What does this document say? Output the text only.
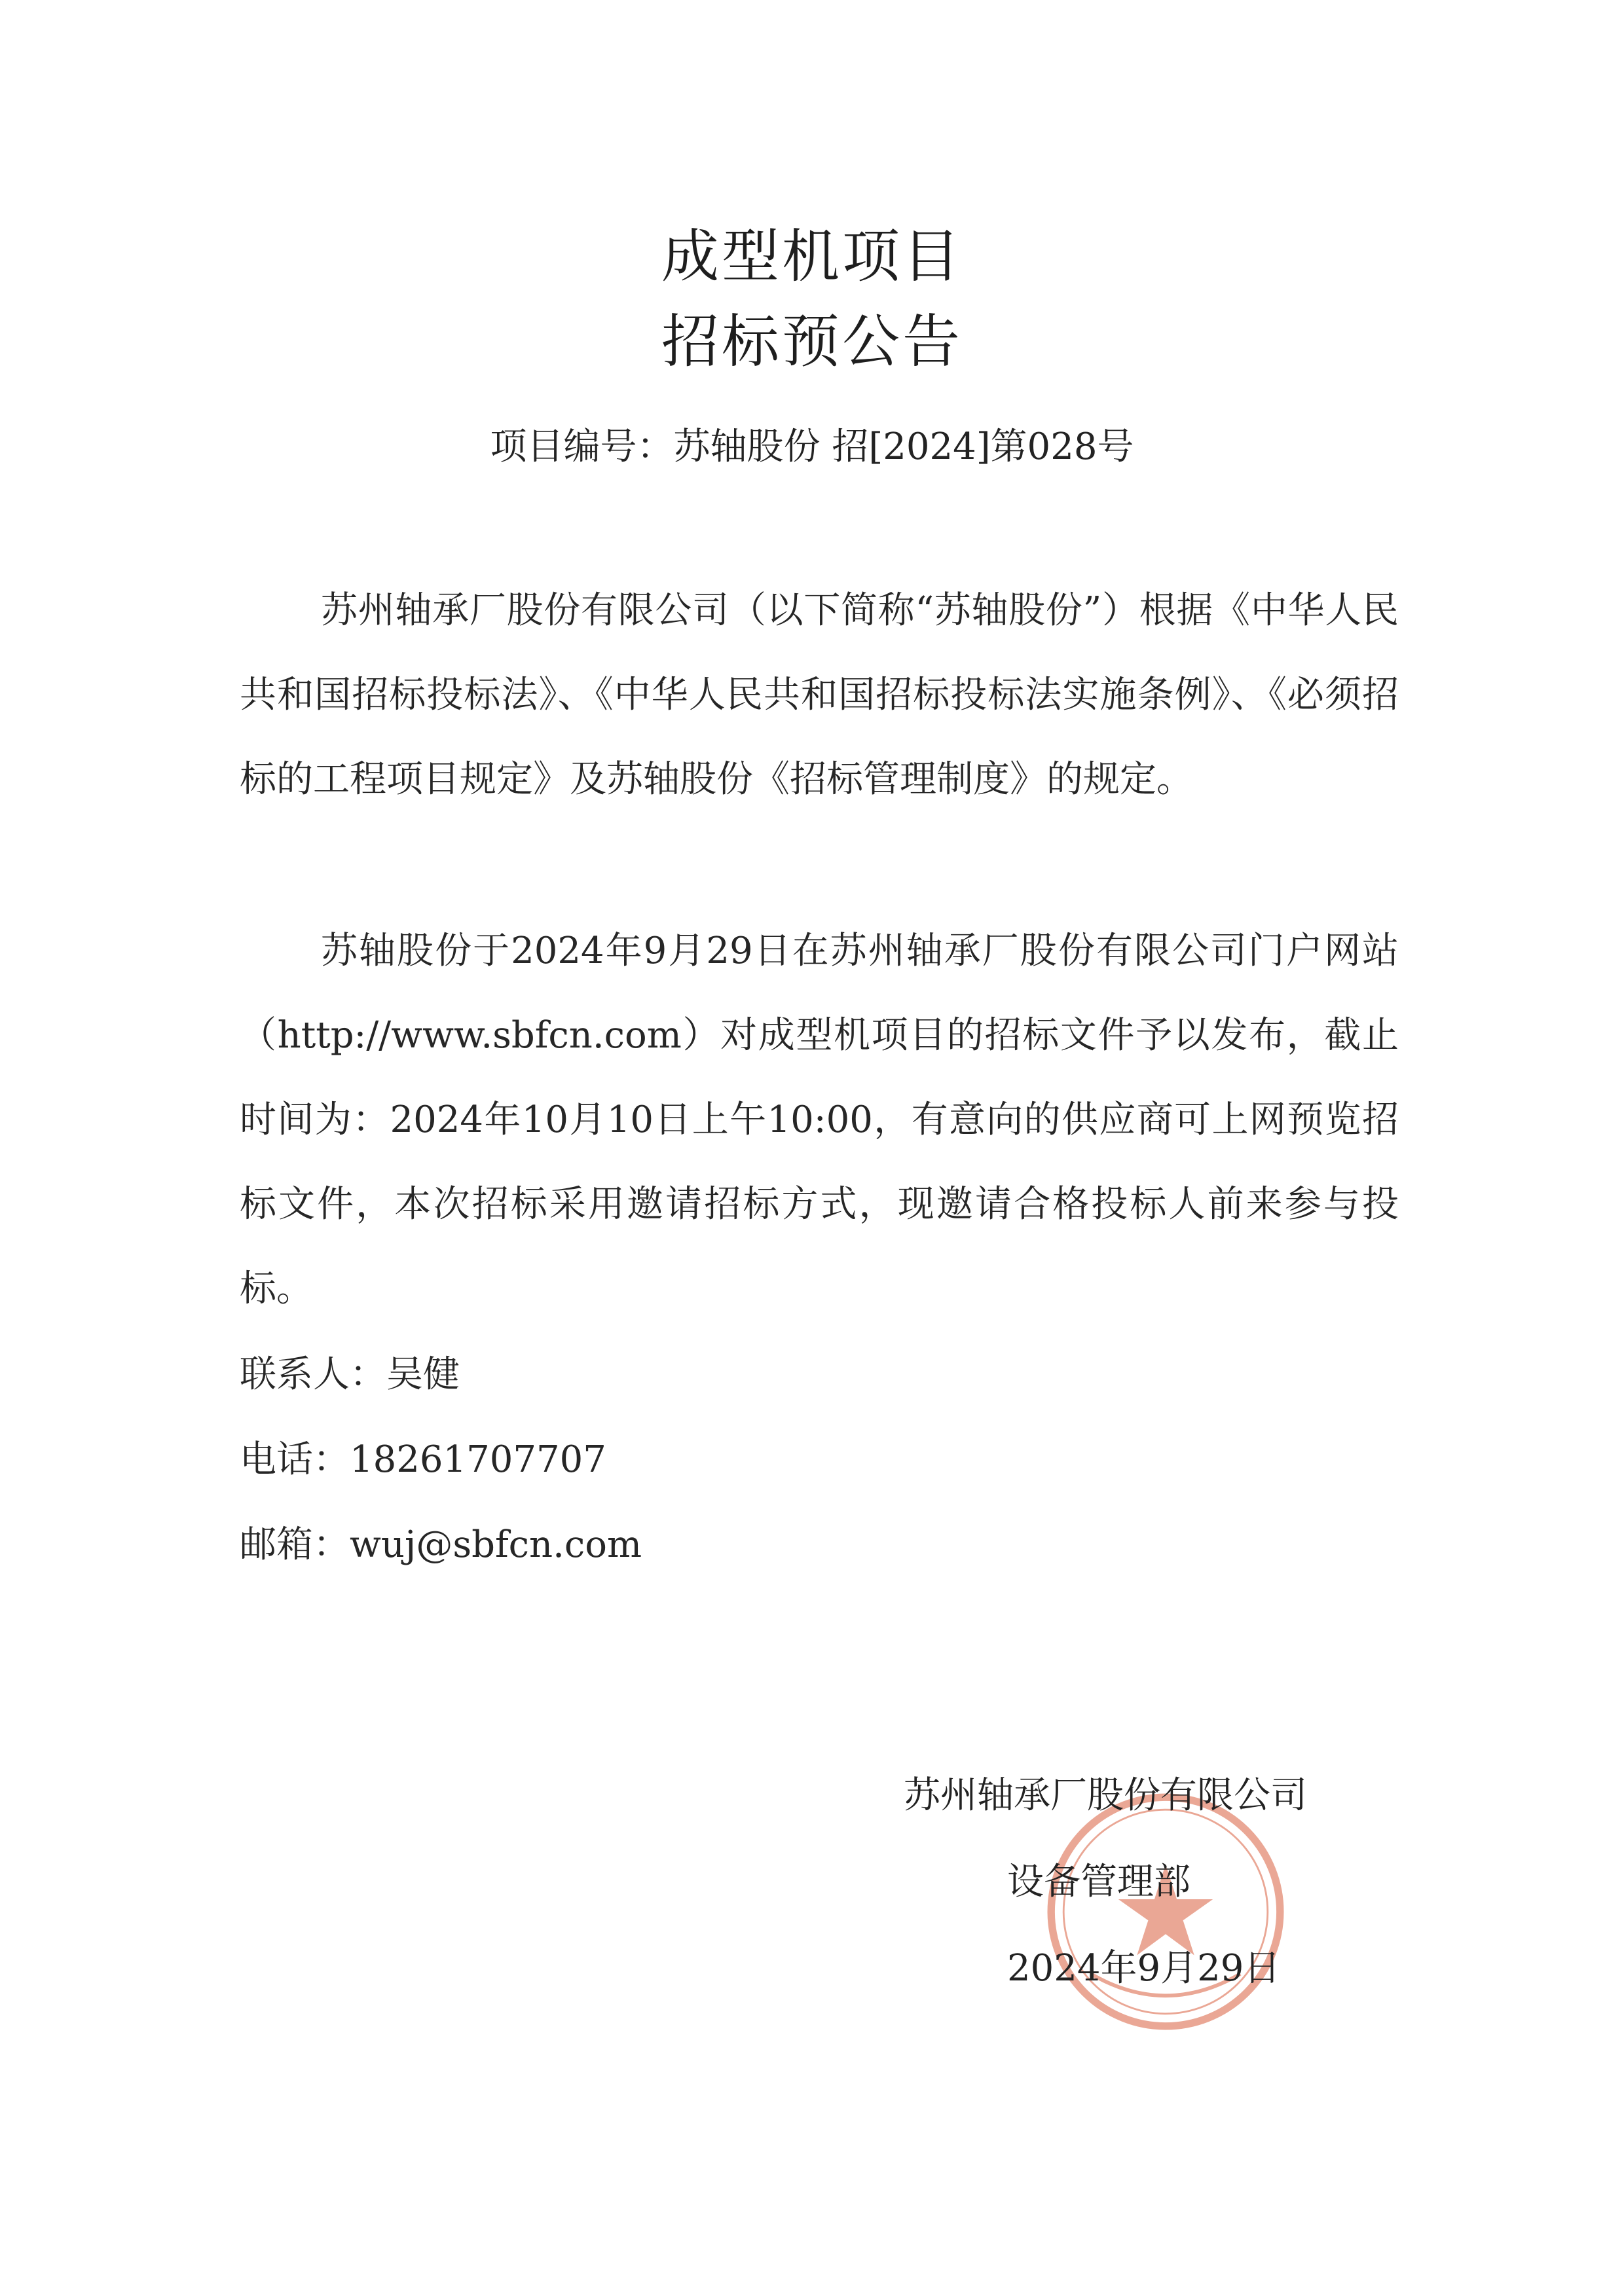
成型机项目
招标预公告
项目编号：苏轴股份 招[2024]第028号
苏州轴承厂股份有限公司（以下简称“苏轴股份”）根据《中华人民共和国招标投标法》、《中华人民共和国招标投标法实施条例》、《必须招标的工程项目规定》及苏轴股份《招标管理制度》的规定。
苏轴股份于2024年9月29日在苏州轴承厂股份有限公司门户网站（http://www.sbfcn.com）对成型机项目的招标文件予以发布，截止时间为：2024年10月10日上午10:00，有意向的供应商可上网预览招标文件，本次招标采用邀请招标方式，现邀请合格投标人前来参与投标。
联系人：吴健
电话：18261707707
邮箱：wuj@sbfcn.com
苏州轴承厂股份有限公司
设备管理部
2024年9月29日
